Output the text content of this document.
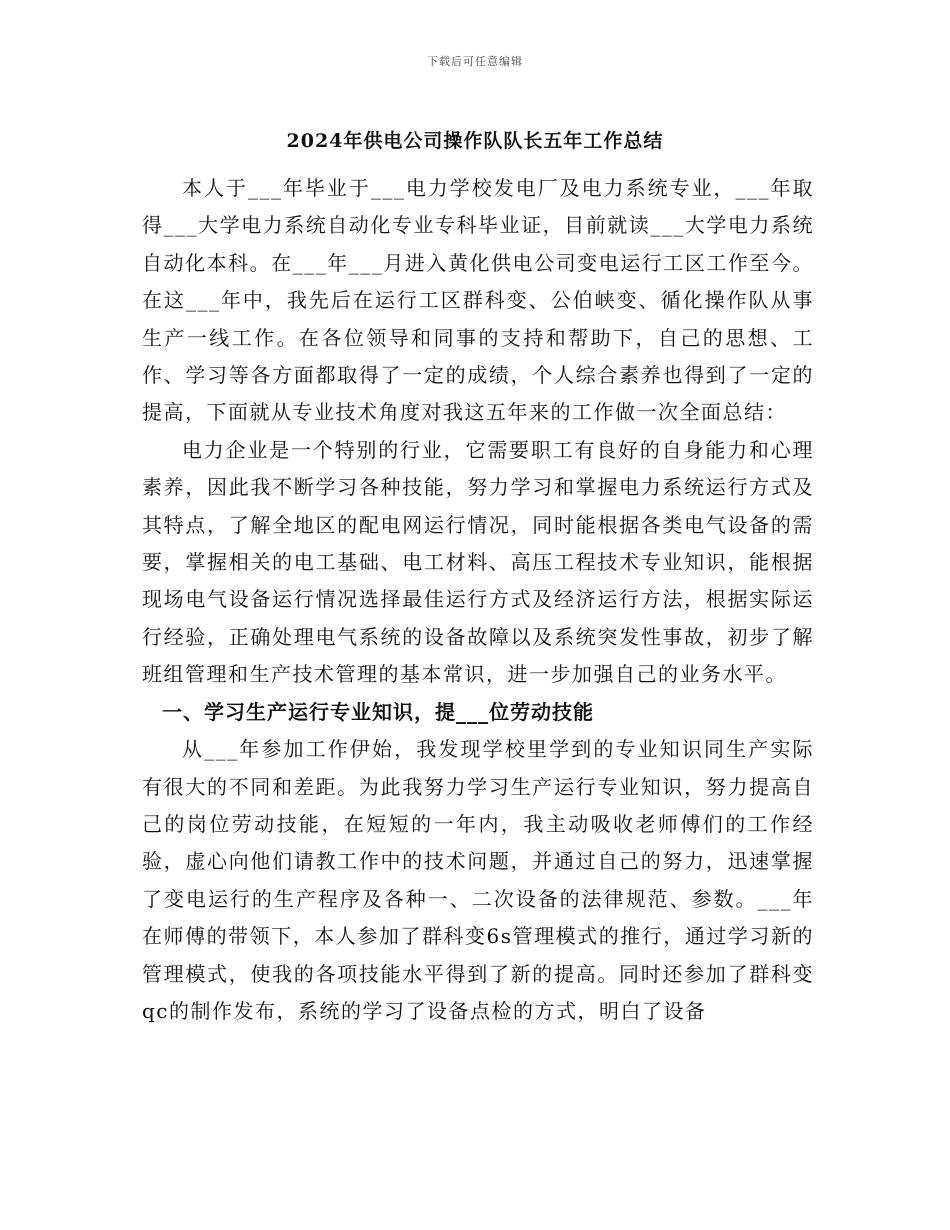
下载后可任意编辑
2024年供电公司操作队队长五年工作总结

本人于___年毕业于___电力学校发电厂及电力系统专业，___年取得___大学电力系统自动化专业专科毕业证，目前就读___大学电力系统自动化本科。在___年___月进入黄化供电公司变电运行工区工作至今。在这___年中，我先后在运行工区群科变、公伯峡变、循化操作队从事生产一线工作。在各位领导和同事的支持和帮助下，自己的思想、工作、学习等各方面都取得了一定的成绩，个人综合素养也得到了一定的提高，下面就从专业技术角度对我这五年来的工作做一次全面总结：

电力企业是一个特别的行业，它需要职工有良好的自身能力和心理素养，因此我不断学习各种技能，努力学习和掌握电力系统运行方式及其特点，了解全地区的配电网运行情况，同时能根据各类电气设备的需要，掌握相关的电工基础、电工材料、高压工程技术专业知识，能根据现场电气设备运行情况选择最佳运行方式及经济运行方法，根据实际运行经验，正确处理电气系统的设备故障以及系统突发性事故，初步了解班组管理和生产技术管理的基本常识，进一步加强自己的业务水平。

一、学习生产运行专业知识，提___位劳动技能

从___年参加工作伊始，我发现学校里学到的专业知识同生产实际有很大的不同和差距。为此我努力学习生产运行专业知识，努力提高自己的岗位劳动技能，在短短的一年内，我主动吸收老师傅们的工作经验，虚心向他们请教工作中的技术问题，并通过自己的努力，迅速掌握了变电运行的生产程序及各种一、二次设备的法律规范、参数。___年在师傅的带领下，本人参加了群科变6s管理模式的推行，通过学习新的管理模式，使我的各项技能水平得到了新的提高。同时还参加了群科变qc的制作发布，系统的学习了设备点检的方式，明白了设备
